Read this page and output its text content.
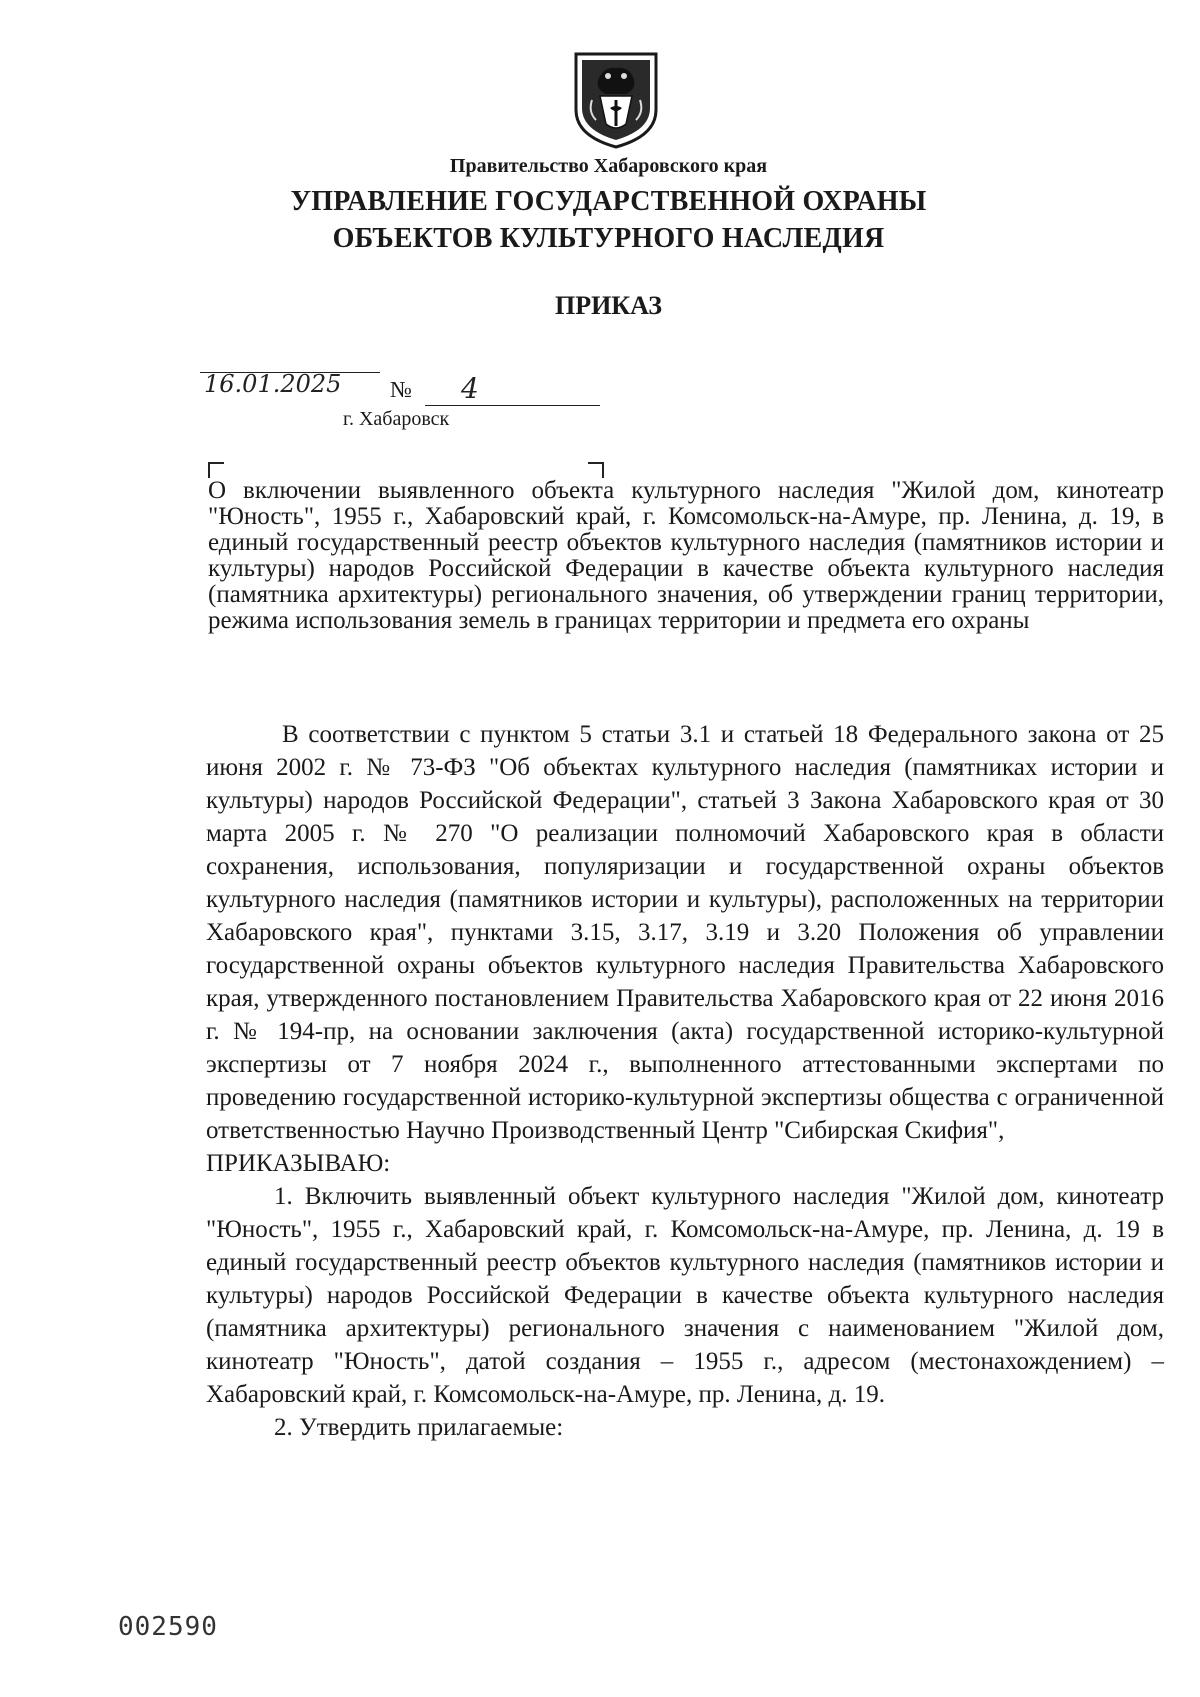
Правительство Хабаровского края
УПРАВЛЕНИЕ ГОСУДАРСТВЕННОЙ ОХРАНЫ
ОБЪЕКТОВ КУЛЬТУРНОГО НАСЛЕДИЯ
ПРИКАЗ
16.01.2025 № 4
г. Хабаровск
О включении выявленного объекта культурного наследия "Жилой дом, кинотеатр "Юность", 1955 г., Хабаровский край, г. Комсомольск-на-Амуре, пр. Ленина, д. 19, в единый государственный реестр объектов культурного наследия (памятников истории и культуры) народов Российской Федерации в качестве объекта культурного наследия (памятника архитектуры) регионального значения, об утверждении границ территории, режима использования земель в границах территории и предмета его охраны

В соответствии с пунктом 5 статьи 3.1 и статьей 18 Федерального закона от 25 июня 2002 г. № 73-ФЗ "Об объектах культурного наследия (памятниках истории и культуры) народов Российской Федерации", статьей 3 Закона Хабаровского края от 30 марта 2005 г. № 270 "О реализации полномочий Хабаровского края в области сохранения, использования, популяризации и государственной охраны объектов культурного наследия (памятников истории и культуры), расположенных на территории Хабаровского края", пунктами 3.15, 3.17, 3.19 и 3.20 Положения об управлении государственной охраны объектов культурного наследия Правительства Хабаровского края, утвержденного постановлением Правительства Хабаровского края от 22 июня 2016 г. № 194-пр, на основании заключения (акта) государственной историко-культурной экспертизы от 7 ноября 2024 г., выполненного аттестованными экспертами по проведению государственной историко-культурной экспертизы общества с ограниченной ответственностью Научно Производственный Центр "Сибирская Скифия",

ПРИКАЗЫВАЮ:

1. Включить выявленный объект культурного наследия "Жилой дом, кинотеатр "Юность", 1955 г., Хабаровский край, г. Комсомольск-на-Амуре, пр. Ленина, д. 19 в единый государственный реестр объектов культурного наследия (памятников истории и культуры) народов Российской Федерации в качестве объекта культурного наследия (памятника архитектуры) регионального значения с наименованием "Жилой дом, кинотеатр "Юность", датой создания – 1955 г., адресом (местонахождением) – Хабаровский край, г. Комсомольск-на-Амуре, пр. Ленина, д. 19.

2. Утвердить прилагаемые:

002590
